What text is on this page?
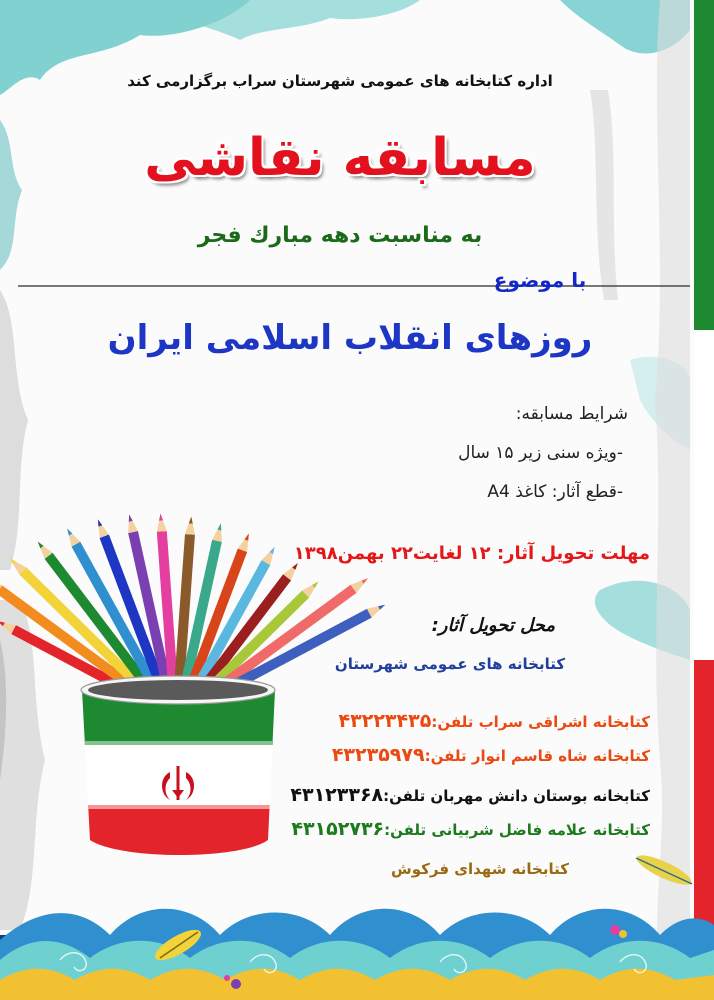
اداره کتابخانه های عمومی شهرستان سراب برگزارمی کند
مسابقه نقاشی
به مناسبت دهه مبارك فجر
با موضوع
روزهای انقلاب اسلامی ایران
شرایط مسابقه:
-ویژه سنی زیر ۱۵ سال
-قطع آثار: کاغذ A4
مهلت تحویل آثار: ۱۲ لغایت۲۲ بهمن۱۳۹۸
محل تحویل آثار:
کتابخانه های عمومی شهرستان
کتابخانه اشراقی سراب تلفن:۴۳۲۲۳۴۳۵
کتابخانه شاه قاسم انوار تلفن:۴۳۲۳۵۹۷۹
کتابخانه بوستان دانش مهربان تلفن:۴۳۱۲۳۳۶۸
کتابخانه علامه فاضل شربیانی تلفن:۴۳۱۵۲۷۳۶
کتابخانه شهدای فرکوش
